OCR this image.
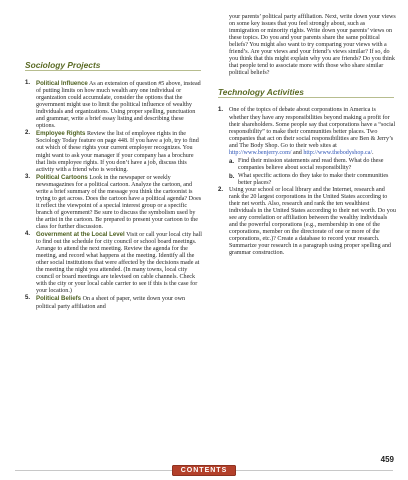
Sociology Projects
1. Political Influence As an extension of question #5 above, instead of putting limits on how much wealth any one individual or organization could accumulate, consider the options that the government might use to limit the political influence of wealthy individuals and organizations. Using proper spelling, punctuation and grammar, write a brief essay listing and describing these options.
2. Employee Rights Review the list of employee rights in the Sociology Today feature on page 448. If you have a job, try to find out which of these rights your current employer recognizes. You might want to ask your manager if your company has a brochure that lists employee rights. If you don’t have a job, discuss this activity with a friend who is working.
3. Political Cartoons Look in the newspaper or weekly newsmagazines for a political cartoon. Analyze the cartoon, and write a brief summary of the message you think the cartoonist is trying to get across. Does the cartoon have a political agenda? Does it reflect the viewpoint of a special interest group or a specific branch of government? Be sure to discuss the symbolism used by the artist in the cartoon. Be prepared to present your cartoon to the class for further discussion.
4. Government at the Local Level Visit or call your local city hall to find out the schedule for city council or school board meetings. Arrange to attend the next meeting. Review the agenda for the meeting, and record what happens at the meeting. Identify all the other social institutions that were affected by the decisions made at the meeting the night you attended. (In many towns, local city council or board meetings are televised on cable channels. Check with the city or your local cable carrier to see if this is the case for your location.)
5. Political Beliefs On a sheet of paper, write down your own political party affiliation and
your parents’ political party affiliation. Next, write down your views on some key issues that you feel strongly about, such as immigration or minority rights. Write down your parents’ views on these topics. Do you and your parents share the same political beliefs? You might also want to try comparing your views with a friend’s. Are your views and your friend’s views similar? If so, do you think that this might explain why you are friends? Do you think that people tend to associate more with those who share similar political beliefs?
Technology Activities
1. One of the topics of debate about corporations in America is whether they have any responsibilities beyond making a profit for their shareholders. Some people say that corporations have a “social responsibility” to make their communities better places. Two companies that act on their social responsibilities are Ben & Jerry’s and The Body Shop. Go to their web sites at http://www.benjerry.com/ and http://www.thebodyshop.ca/.
a. Find their mission statements and read them. What do these companies believe about social responsibility?
b. What specific actions do they take to make their communities better places?
2. Using your school or local library and the Internet, research and rank the 20 largest corporations in the United States according to their net worth. Also, research and rank the ten wealthiest individuals in the United States according to their net worth. Do you see any correlation or affiliation between the wealthy individuals and the powerful corporations (e.g., membership in one of the corporations, member on the directorate of one or more of the corporations, etc.)? Create a database to record your research. Summarize your research in a paragraph using proper spelling and grammar construction.
459
CONTENTS
